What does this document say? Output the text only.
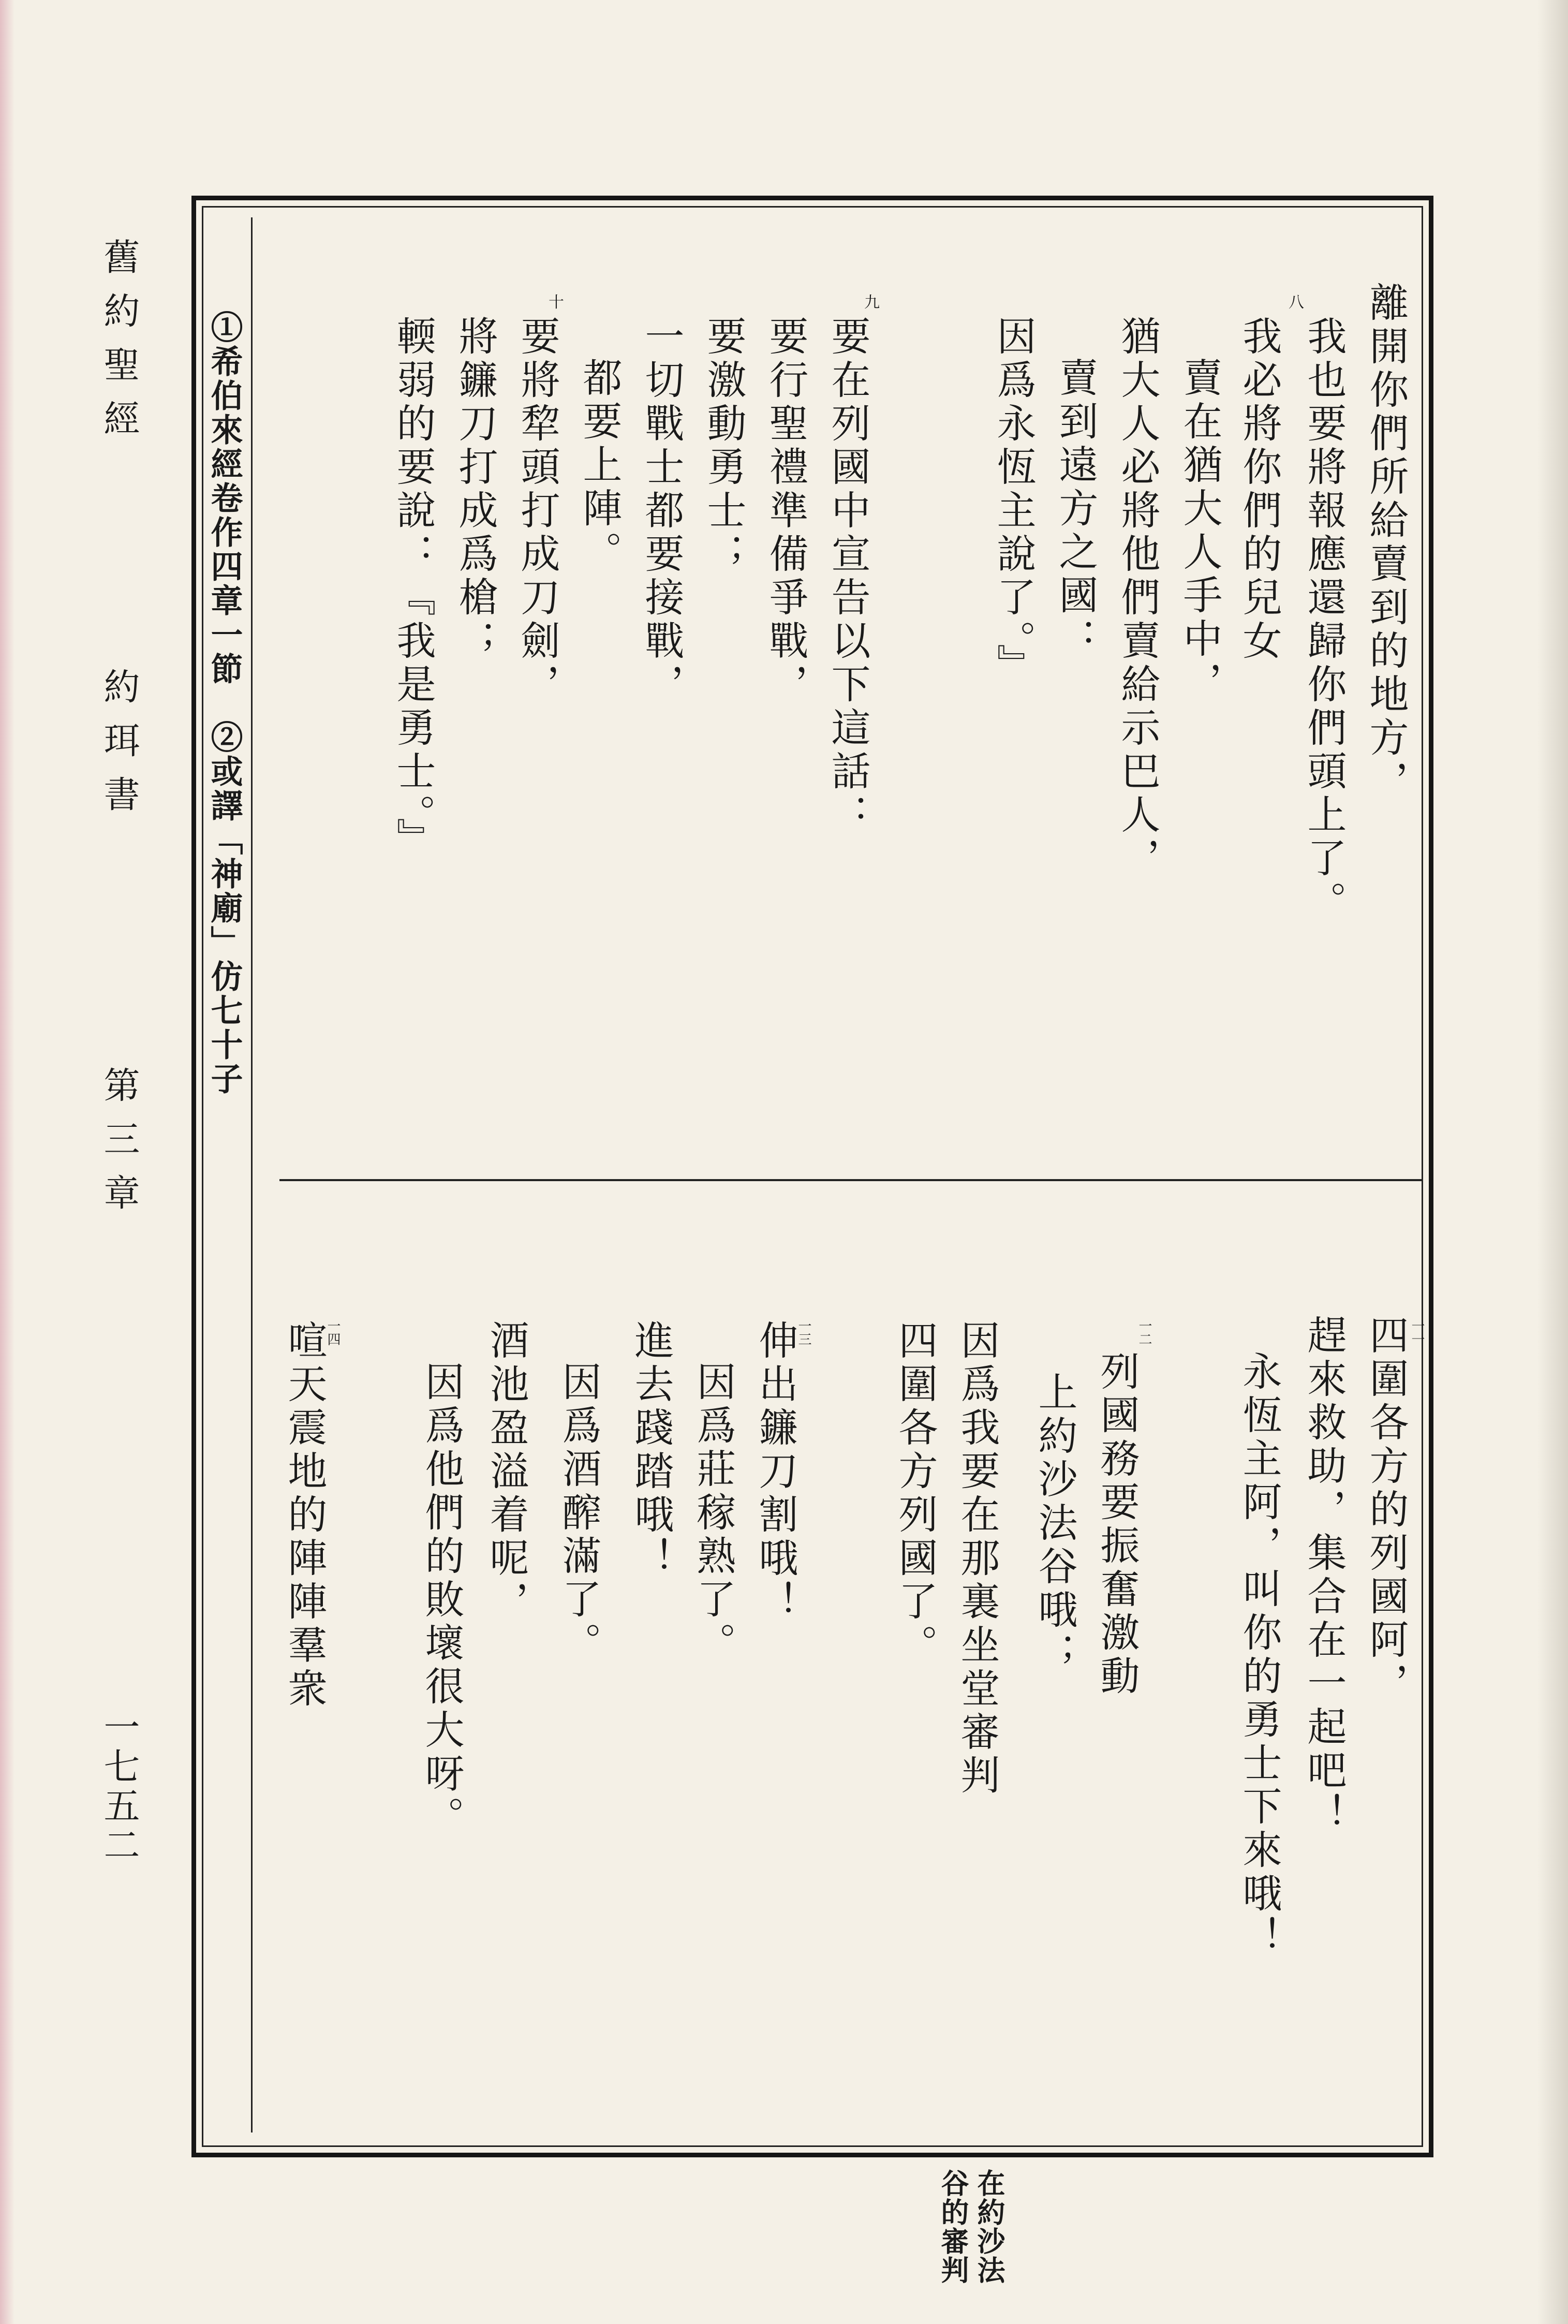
舊約聖經
約珥書
第三章
一七五二
離開你們所給賣到的地方，
我也要將報應還歸你們頭上了。
我必將你們的兒女
賣在猶大人手中，
猶大人必將他們賣給示巴人，
賣到遠方之國：
因爲永恆主說了。』
要在列國中宣告以下這話：
要行聖禮準備爭戰，
要激動勇士；
一切戰士都要接戰，
都要上陣。
要將犂頭打成刀劍，
將鐮刀打成爲槍；
輭弱的要說：『我是勇士。』
八
九
十
①希伯來經卷作四章一節　②或譯「神廟」仿七十子
四圍各方的列國阿，
趕來救助，集合在一起吧！
永恆主阿，叫你的勇士下來哦！
列國務要振奮激動
上約沙法谷哦；
因爲我要在那裏坐堂審判
四圍各方列國了。
伸出鐮刀割哦！
因爲莊稼熟了。
進去踐踏哦！
因爲酒醡滿了。
酒池盈溢着呢，
因爲他們的敗壞很大呀。
喧天震地的陣陣羣衆	一一
一二
一三
一四
在約沙法
谷的審判
